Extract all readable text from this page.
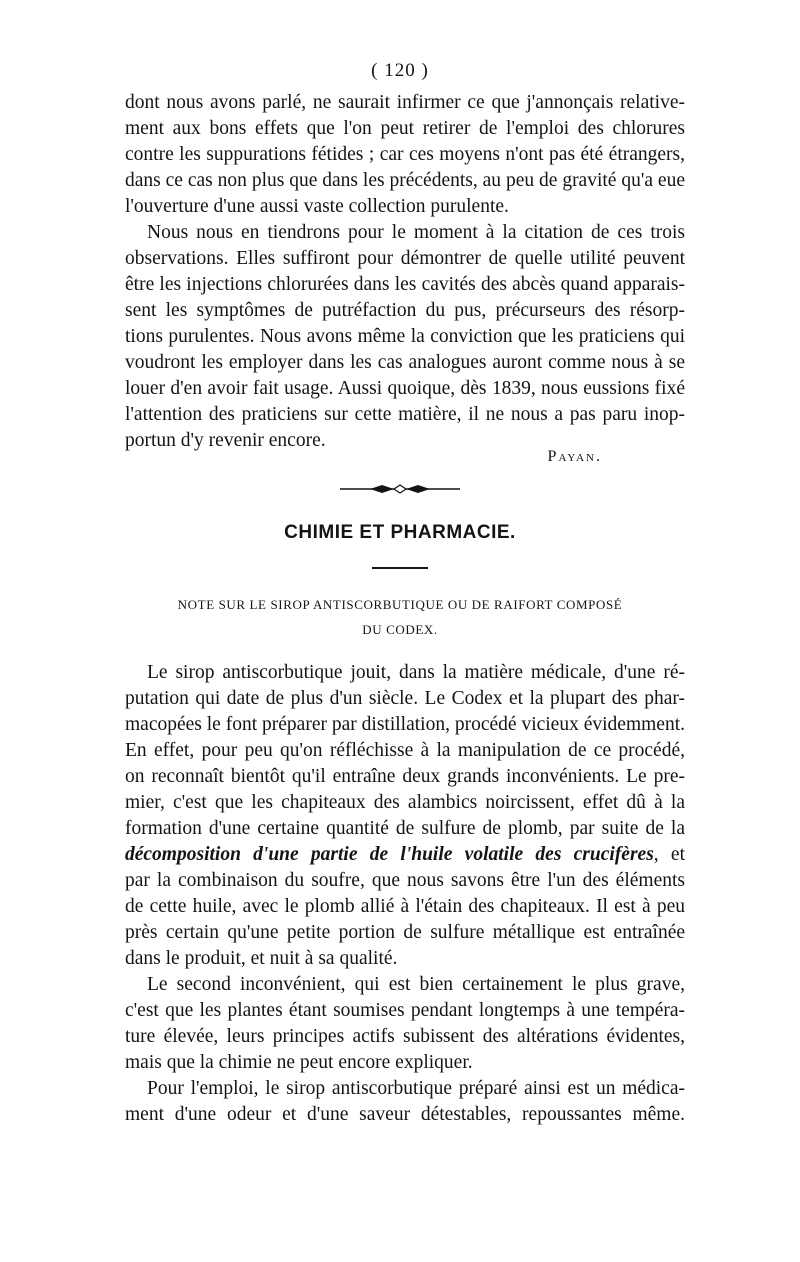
( 120 )
dont nous avons parlé, ne saurait infirmer ce que j'annonçais relative-
ment aux bons effets que l'on peut retirer de l'emploi des chlorures
contre les suppurations fétides ; car ces moyens n'ont pas été étrangers,
dans ce cas non plus que dans les précédents, au peu de gravité qu'a eue
l'ouverture d'une aussi vaste collection purulente.
Nous nous en tiendrons pour le moment à la citation de ces trois
observations. Elles suffiront pour démontrer de quelle utilité peuvent
être les injections chlorurées dans les cavités des abcès quand apparais-
sent les symptômes de putréfaction du pus, précurseurs des résorp-
tions purulentes. Nous avons même la conviction que les praticiens qui
voudront les employer dans les cas analogues auront comme nous à se
louer d'en avoir fait usage. Aussi quoique, dès 1839, nous eussions fixé
l'attention des praticiens sur cette matière, il ne nous a pas paru inop-
portun d'y revenir encore.
Payan.
CHIMIE ET PHARMACIE.
NOTE SUR LE SIROP ANTISCORBUTIQUE OU DE RAIFORT COMPOSÉ
DU CODEX.
Le sirop antiscorbutique jouit, dans la matière médicale, d'une ré-
putation qui date de plus d'un siècle. Le Codex et la plupart des phar-
macopées le font préparer par distillation, procédé vicieux évidemment.
En effet, pour peu qu'on réfléchisse à la manipulation de ce procédé,
on reconnaît bientôt qu'il entraîne deux grands inconvénients. Le pre-
mier, c'est que les chapiteaux des alambics noircissent, effet dû à la
formation d'une certaine quantité de sulfure de plomb, par suite de la
décomposition d'une partie de l'huile volatile des crucifères, et
par la combinaison du soufre, que nous savons être l'un des éléments
de cette huile, avec le plomb allié à l'étain des chapiteaux. Il est à peu
près certain qu'une petite portion de sulfure métallique est entraînée
dans le produit, et nuit à sa qualité.
Le second inconvénient, qui est bien certainement le plus grave,
c'est que les plantes étant soumises pendant longtemps à une tempéra-
ture élevée, leurs principes actifs subissent des altérations évidentes,
mais que la chimie ne peut encore expliquer.
Pour l'emploi, le sirop antiscorbutique préparé ainsi est un médica-
ment d'une odeur et d'une saveur détestables, repoussantes même.
